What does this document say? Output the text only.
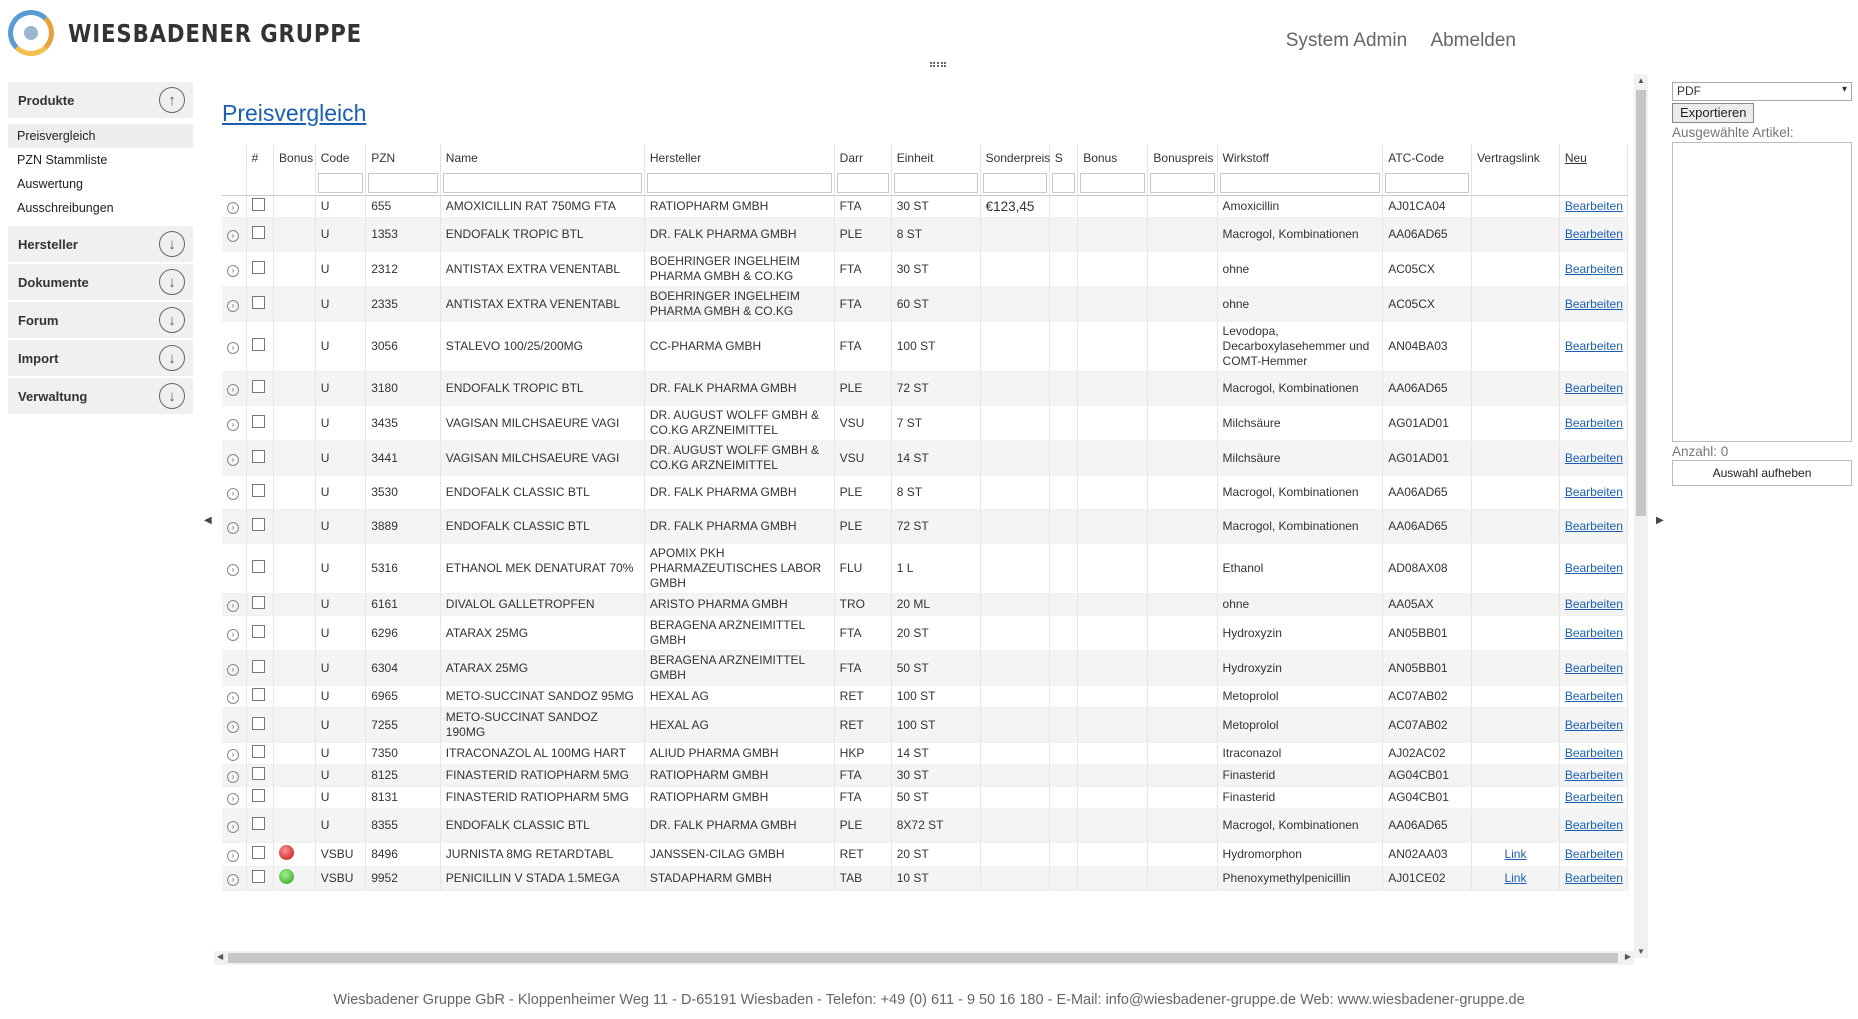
WIESBADENER GRUPPE	System Admin Abmelden
Produkte	↑
Preisvergleich
PZN Stammliste
Auswertung
Ausschreibungen
Hersteller	↓
Dokumente	↓
Forum	↓
Import	↓
Verwaltung	↓
◀	▶
Preisvergleich
	#	Bonus	Code	PZN	Name	Hersteller	Darr	Einheit	Sonderpreis	S	Bonus	Bonuspreis	Wirkstoff	ATC-Code	Vertragslink	Neu

›			U	655	AMOXICILLIN RAT 750MG FTA	RATIOPHARM GMBH	FTA	30 ST	€123,45				Amoxicillin	AJ01CA04		Bearbeiten
›			U	1353	ENDOFALK TROPIC BTL	DR. FALK PHARMA GMBH	PLE	8 ST					Macrogol, Kombinationen	AA06AD65		Bearbeiten
›			U	2312	ANTISTAX EXTRA VENENTABL	BOEHRINGER INGELHEIM PHARMA GMBH & CO.KG	FTA	30 ST					ohne	AC05CX		Bearbeiten
›			U	2335	ANTISTAX EXTRA VENENTABL	BOEHRINGER INGELHEIM PHARMA GMBH & CO.KG	FTA	60 ST					ohne	AC05CX		Bearbeiten
›			U	3056	STALEVO 100/25/200MG	CC-PHARMA GMBH	FTA	100 ST					Levodopa, Decarboxylasehemmer und COMT-Hemmer	AN04BA03		Bearbeiten
›			U	3180	ENDOFALK TROPIC BTL	DR. FALK PHARMA GMBH	PLE	72 ST					Macrogol, Kombinationen	AA06AD65		Bearbeiten
›			U	3435	VAGISAN MILCHSAEURE VAGI	DR. AUGUST WOLFF GMBH & CO.KG ARZNEIMITTEL	VSU	7 ST					Milchsäure	AG01AD01		Bearbeiten
›			U	3441	VAGISAN MILCHSAEURE VAGI	DR. AUGUST WOLFF GMBH & CO.KG ARZNEIMITTEL	VSU	14 ST					Milchsäure	AG01AD01		Bearbeiten
›			U	3530	ENDOFALK CLASSIC BTL	DR. FALK PHARMA GMBH	PLE	8 ST					Macrogol, Kombinationen	AA06AD65		Bearbeiten
›			U	3889	ENDOFALK CLASSIC BTL	DR. FALK PHARMA GMBH	PLE	72 ST					Macrogol, Kombinationen	AA06AD65		Bearbeiten
›			U	5316	ETHANOL MEK DENATURAT 70%	APOMIX PKH PHARMAZEUTISCHES LABOR GMBH	FLU	1 L					Ethanol	AD08AX08		Bearbeiten
›			U	6161	DIVALOL GALLETROPFEN	ARISTO PHARMA GMBH	TRO	20 ML					ohne	AA05AX		Bearbeiten
›			U	6296	ATARAX 25MG	BERAGENA ARZNEIMITTEL GMBH	FTA	20 ST					Hydroxyzin	AN05BB01		Bearbeiten
›			U	6304	ATARAX 25MG	BERAGENA ARZNEIMITTEL GMBH	FTA	50 ST					Hydroxyzin	AN05BB01		Bearbeiten
›			U	6965	METO-SUCCINAT SANDOZ 95MG	HEXAL AG	RET	100 ST					Metoprolol	AC07AB02		Bearbeiten
›			U	7255	METO-SUCCINAT SANDOZ 190MG	HEXAL AG	RET	100 ST					Metoprolol	AC07AB02		Bearbeiten
›			U	7350	ITRACONAZOL AL 100MG HART	ALIUD PHARMA GMBH	HKP	14 ST					Itraconazol	AJ02AC02		Bearbeiten
›			U	8125	FINASTERID RATIOPHARM 5MG	RATIOPHARM GMBH	FTA	30 ST					Finasterid	AG04CB01		Bearbeiten
›			U	8131	FINASTERID RATIOPHARM 5MG	RATIOPHARM GMBH	FTA	50 ST					Finasterid	AG04CB01		Bearbeiten
›			U	8355	ENDOFALK CLASSIC BTL	DR. FALK PHARMA GMBH	PLE	8X72 ST					Macrogol, Kombinationen	AA06AD65		Bearbeiten
›			VSBU	8496	JURNISTA 8MG RETARDTABL	JANSSEN-CILAG GMBH	RET	20 ST					Hydromorphon	AN02AA03	Link	Bearbeiten
›			VSBU	9952	PENICILLIN V STADA 1.5MEGA	STADAPHARM GMBH	TAB	10 ST					Phenoxymethylpenicillin	AJ01CE02	Link	Bearbeiten
▲
▼
◀	▶
PDF ▾
Exportieren
Ausgewählte Artikel:
Anzahl: 0
Auswahl aufheben
Wiesbadener Gruppe GbR - Kloppenheimer Weg 11 - D-65191 Wiesbaden - Telefon: +49 (0) 611 - 9 50 16 180 - E-Mail: info@wiesbadener-gruppe.de Web: www.wiesbadener-gruppe.de
